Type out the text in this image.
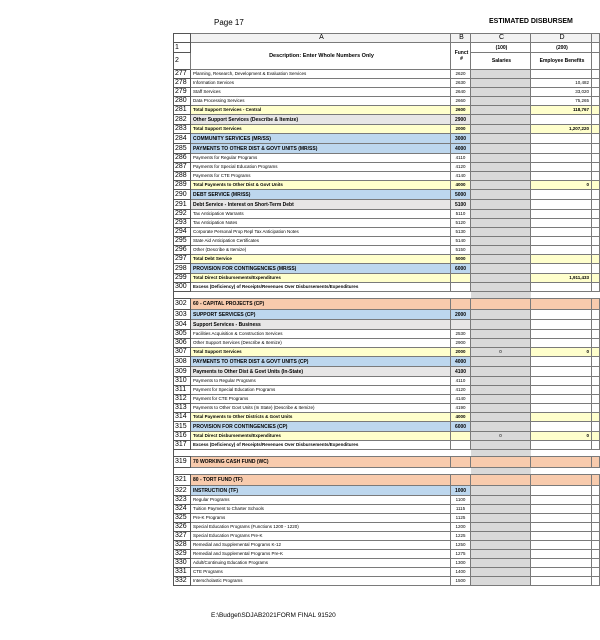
Page 17	ESTIMATED DISBURSEM
	A	B	C	D	
1	Description: Enter Whole Numbers Only	Funct #	(100)	(200)	
2			Salaries	Employee Benefits	
277	Planning, Research, Development & Evaluation Services	2620			
278	Information Services	2630		10,482	
279	Staff Services	2640		33,020	
280	Data Processing Services	2660		75,265	
281	Total Support Services - Central	2600		118,767	
282	Other Support Services (Describe & Itemize)	2900			
283	Total Support Services	2000		1,207,220	
284	COMMUNITY SERVICES (MR/SS)	3000			
285	PAYMENTS TO OTHER DIST & GOVT UNITS (MR/SS)	4000			
286	Payments for Regular Programs	4110			
287	Payments for Special Education Programs	4120			
288	Payments for CTE Programs	4140			
289	Total Payments to Other Dist & Govt Units	4000		0	
290	DEBT SERVICE (MR/SS)	5000			
291	Debt Service - Interest on Short-Term Debt	5100			
292	Tax Anticipation Warrants	5110			
293	Tax Anticipation Notes	5120			
294	Corporate Personal Prop Repl Tax Anticipation Notes	5130			
295	State Aid Anticipation Certificates	5140			
296	Other (Describe & Itemize)	5150			
297	Total Debt Service	5000			
298	PROVISION FOR CONTINGENCIES (MR/SS)	6000			
299	Total Direct Disbursements/Expenditures			1,911,433	
300	Excess (Deficiency) of Receipts/Revenues Over Disbursements/Expenditures				

302	60 - CAPITAL PROJECTS (CP)				
303	SUPPORT SERVICES (CP)	2000			
304	Support Services - Business				
305	Facilities Acquisition & Construction Services	2530			
306	Other Support Services (Describe & Itemize)	2900			
307	Total Support Services	2000	0	0	
308	PAYMENTS TO OTHER DIST & GOVT UNITS (CP)	4000			
309	Payments to Other Dist & Govt Units (In-State)	4100			
310	Payments to Regular Programs	4110			
311	Payment for Special Education Programs	4120			
312	Payment for CTE Programs	4140			
313	Payments to Other Govt Units (In State) (Describe & Itemize)	4190			
314	Total Payments to Other Districts & Govt Units	4000			
315	PROVISION FOR CONTINGENCIES (CP)	6000			
316	Total Direct Disbursements/Expenditures		0	0	
317	Excess (Deficiency) of Receipts/Revenues Over Disbursements/Expenditures				

319	70 WORKING CASH FUND (WC)				

321	80 - TORT FUND (TF)				
322	INSTRUCTION (TF)	1000			
323	Regular Programs	1100			
324	Tuition Payment to Charter Schools	1115			
325	Pre-K Programs	1125			
326	Special Education Programs (Functions 1200 - 1220)	1200			
327	Special Education Programs Pre-K	1225			
328	Remedial and Supplemental Programs K-12	1250			
329	Remedial and Supplemental Programs Pre-K	1275			
330	Adult/Continuing Education Programs	1300			
331	CTE Programs	1400			
332	Interscholastic Programs	1500			
E:\Budget\SDJAB2021FORM FINAL 91520
